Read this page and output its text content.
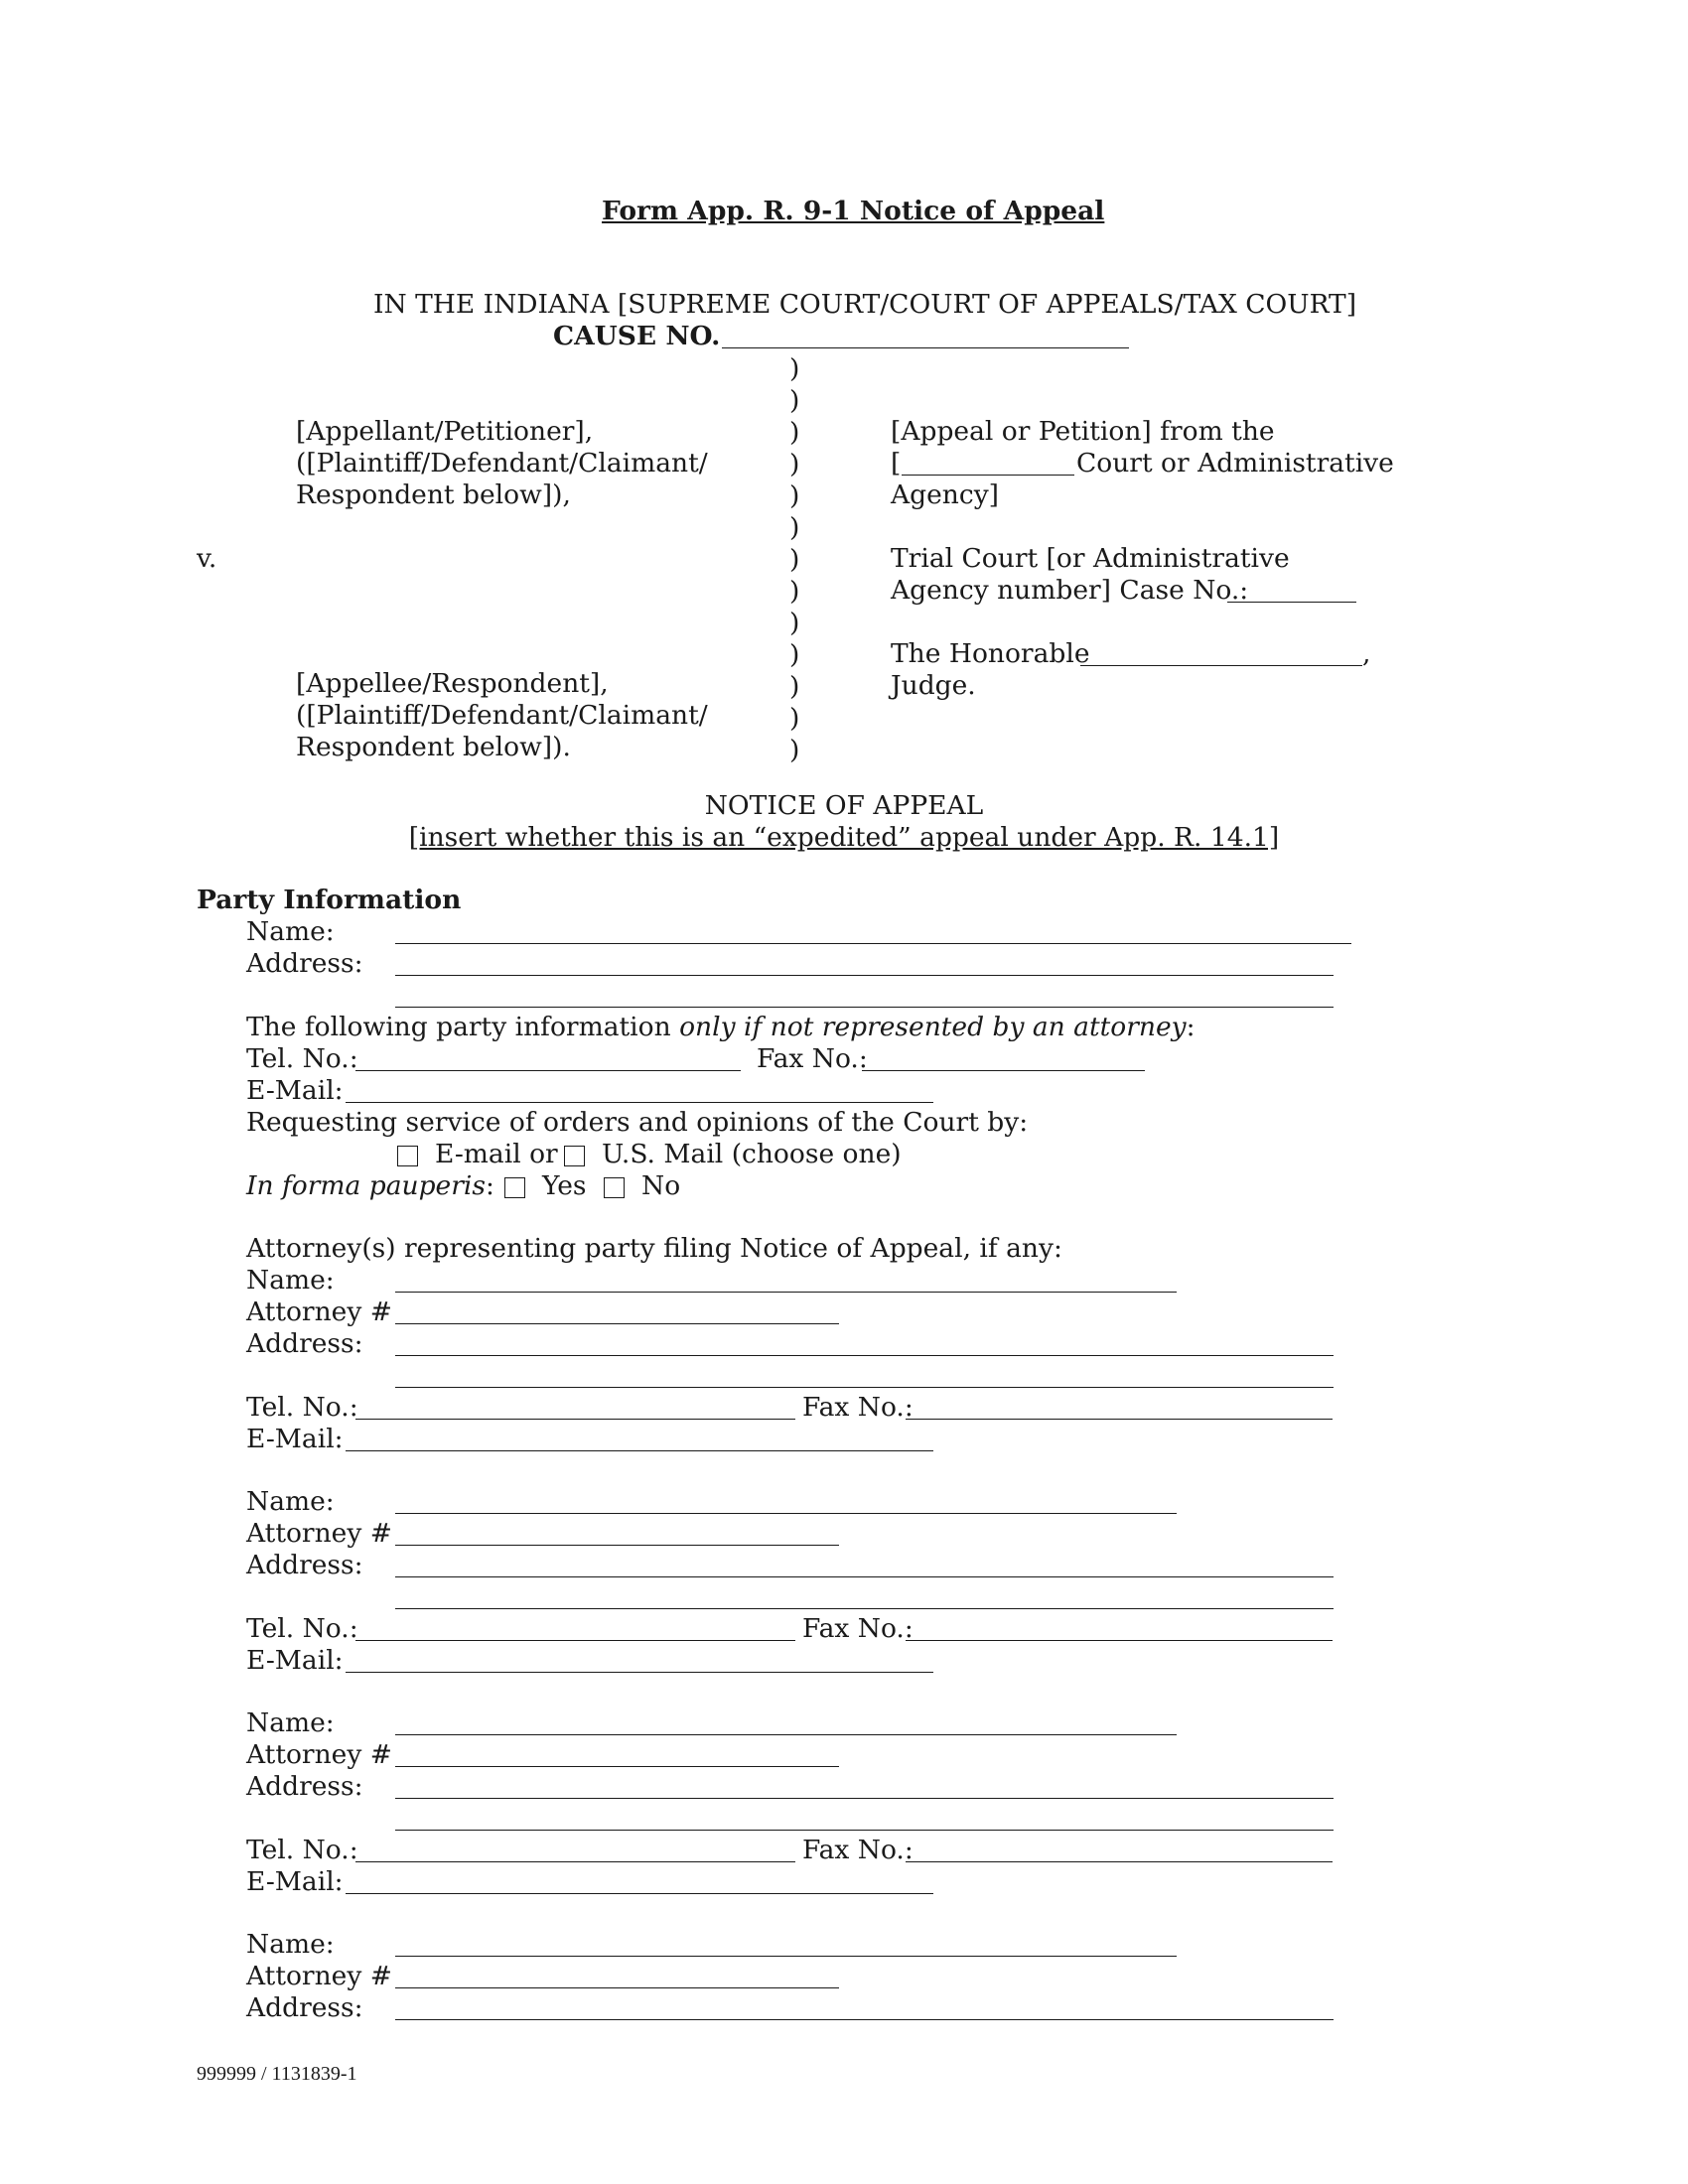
Form App. R. 9-1 Notice of Appeal
IN THE INDIANA [SUPREME COURT/COURT OF APPEALS/TAX COURT]
CAUSE NO.
)
)
)
)
)
)
)
)
)
)
)
)
)
[Appellant/Petitioner],
([Plaintiff/Defendant/Claimant/
Respondent below]),
v.
[Appellee/Respondent],
([Plaintiff/Defendant/Claimant/
Respondent below]).
[Appeal or Petition] from the
[	Court or Administrative
Agency]
Trial Court [or Administrative
Agency number] Case No.:
The Honorable	,
Judge.
NOTICE OF APPEAL
[insert whether this is an “expedited” appeal under App. R. 14.1]
Party Information
Name:
Address:
The following party information only if not represented by an attorney:
Tel. No.:	Fax No.:
E-Mail:
Requesting service of orders and opinions of the Court by:
E-mail or U.S. Mail (choose one)
In forma pauperis: Yes No
Attorney(s) representing party filing Notice of Appeal, if any:
Name:
Attorney #
Address:
Tel. No.:	Fax No.:
E-Mail:
Name:
Attorney #
Address:
Tel. No.:	Fax No.:
E-Mail:
Name:
Attorney #
Address:
Tel. No.:	Fax No.:
E-Mail:
Name:
Attorney #
Address:
999999 / 1131839-1
